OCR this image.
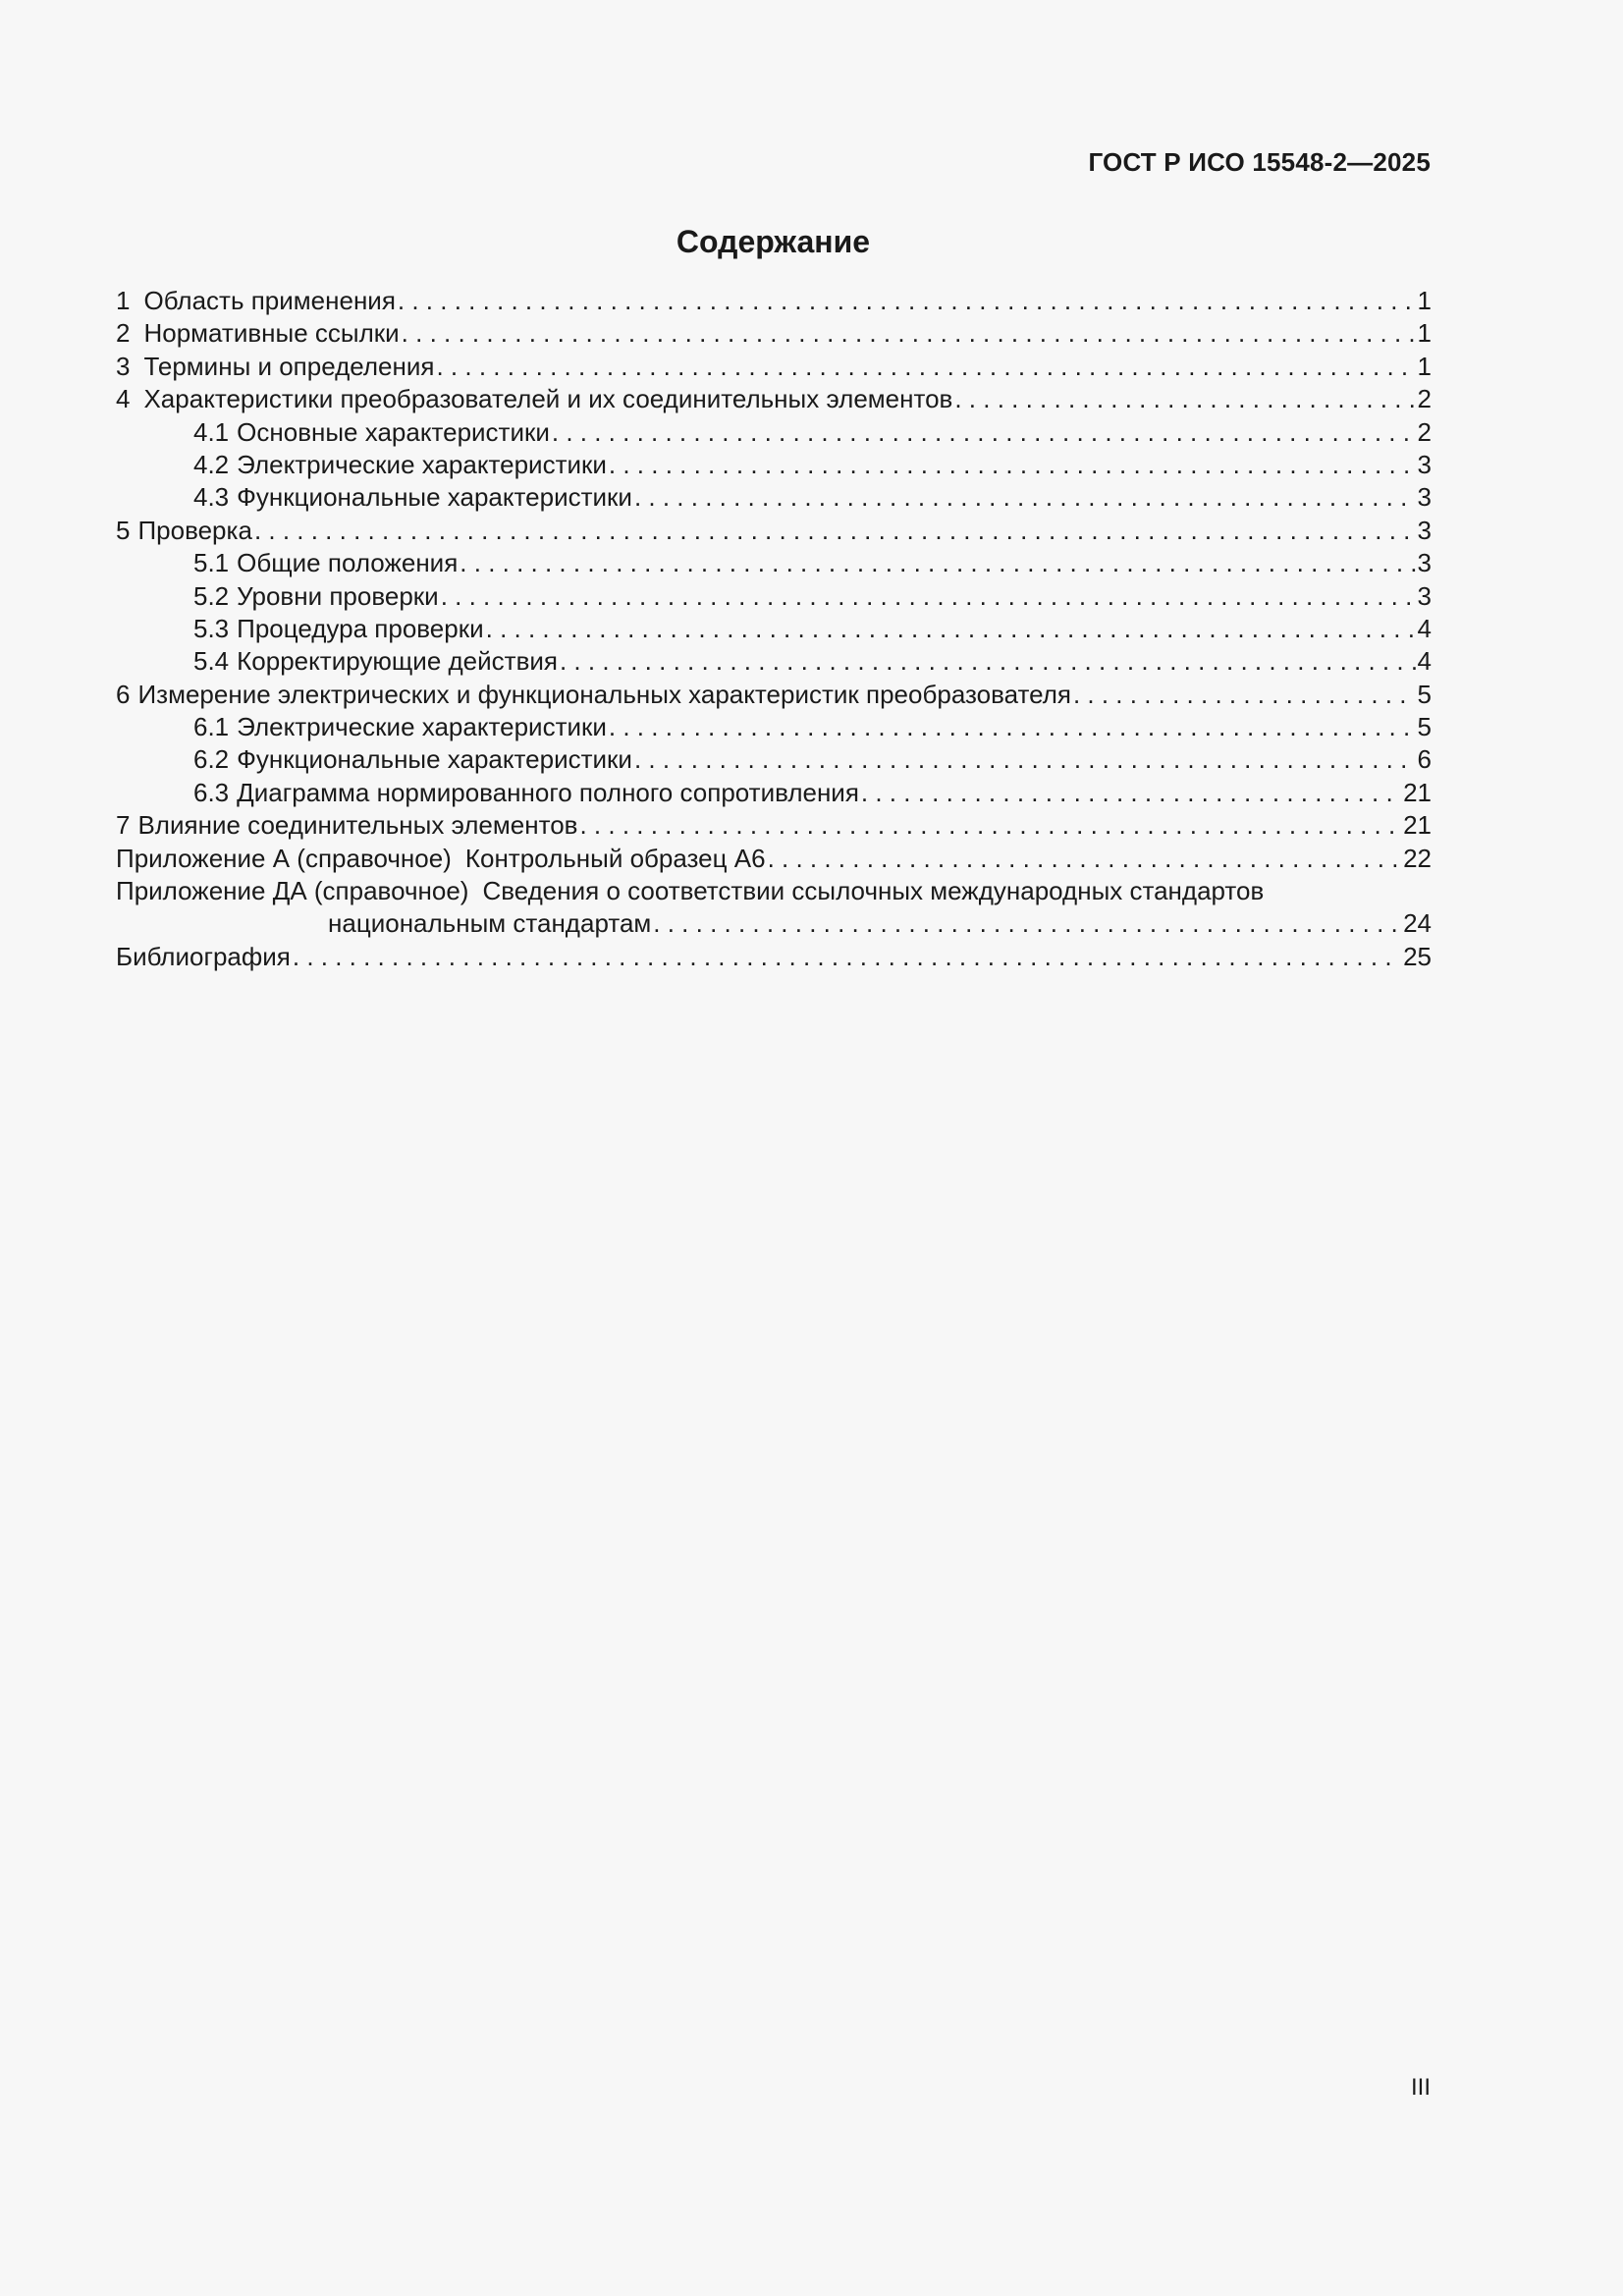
ГОСТ Р ИСО 15548-2—2025
Содержание
1 Область применения . . .	1
2 Нормативные ссылки . . .	1
3 Термины и определения . . .	1
4 Характеристики преобразователей и их соединительных элементов . . .	2
4.1 Основные характеристики . . .	2
4.2 Электрические характеристики . . .	3
4.3 Функциональные характеристики . . .	3
5 Проверка . . .	3
5.1 Общие положения . . .	3
5.2 Уровни проверки . . .	3
5.3 Процедура проверки . . .	4
5.4 Корректирующие действия . . .	4
6 Измерение электрических и функциональных характеристик преобразователя . . .	5
6.1 Электрические характеристики . . .	5
6.2 Функциональные характеристики . . .	6
6.3 Диаграмма нормированного полного сопротивления . . .	21
7 Влияние соединительных элементов . . .	21
Приложение А (справочное) Контрольный образец А6 . . .	22
Приложение ДА (справочное) Сведения о соответствии ссылочных международных стандартов
национальным стандартам . . .	24
Библиография . . .	25
III
